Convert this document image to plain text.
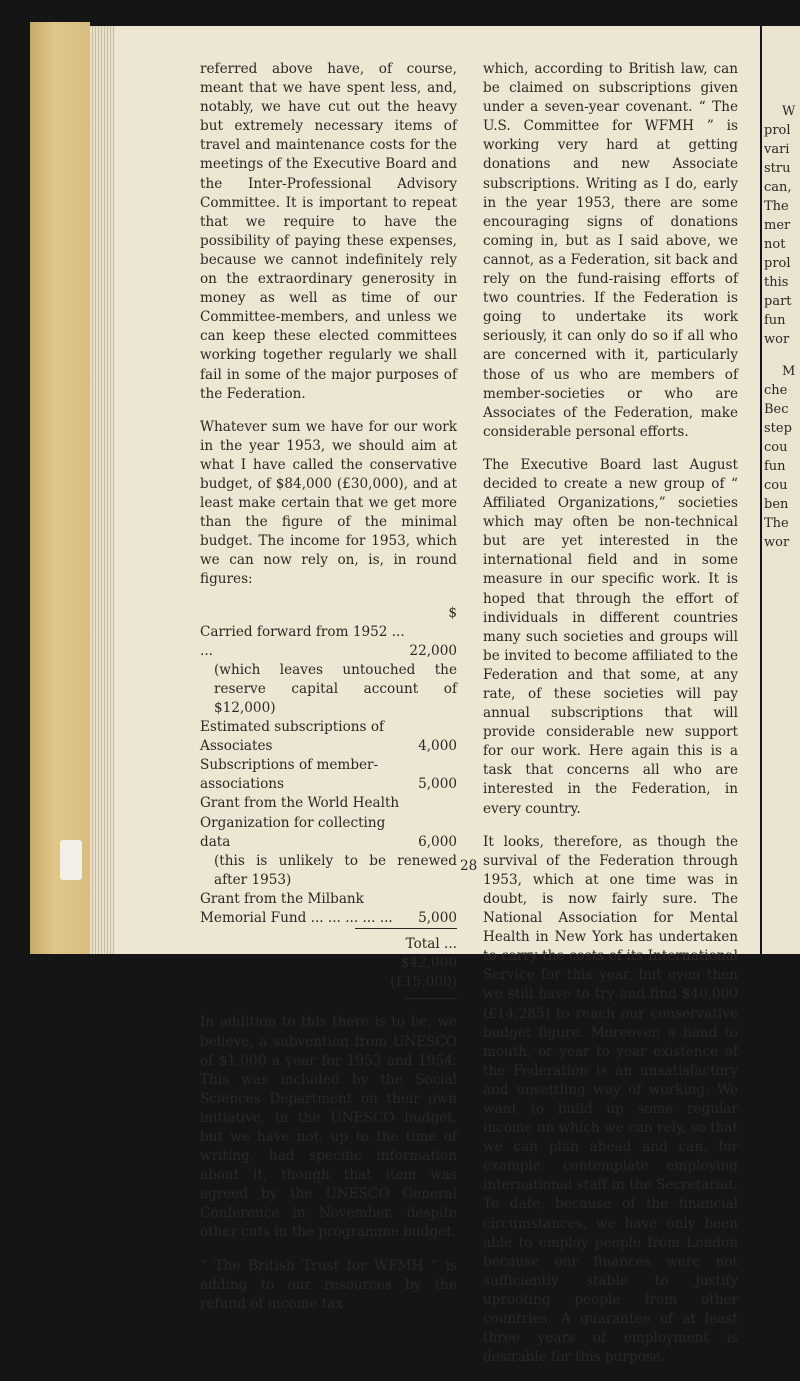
referred above have, of course, meant that we have spent less, and, notably, we have cut out the heavy but extremely necessary items of travel and maintenance costs for the meetings of the Executive Board and the Inter-Professional Advisory Committee. It is important to repeat that we require to have the possibility of paying these expenses, because we cannot indefinitely rely on the extraordinary generosity in money as well as time of our Committee-members, and unless we can keep these elected committees working together regularly we shall fail in some of the major purposes of the Federation.

Whatever sum we have for our work in the year 1953, we should aim at what I have called the conservative budget, of $84,000 (£30,000), and at least make certain that we get more than the figure of the minimal budget. The income for 1953, which we can now rely on, is, in round figures:

$
Carried forward from 1952 ... ...	22,000
(which leaves untouched the reserve capital account of $12,000)
Estimated subscriptions of Associates	4,000
Subscriptions of member-associations	5,000
Grant from the World Health Organization for collecting data	6,000
(this is unlikely to be renewed after 1953)
Grant from the Milbank Memorial Fund ... ... ... ... ...	5,000
Total ... $42,000
(£15,000)

In addition to this there is to be, we believe, a subvention from UNESCO of $1,000 a year for 1953 and 1954. This was included by the Social Sciences Department on their own initiative, in the UNESCO budget, but we have not, up to the time of writing, had specific information about it, though that item was agreed by the UNESCO General Conference in November, despite other cuts in the programme budget.

“ The British Trust for WFMH ” is adding to our resources by the refund of income tax

which, according to British law, can be claimed on subscriptions given under a seven-year covenant. “ The U.S. Committee for WFMH ” is working very hard at getting donations and new Associate subscriptions. Writing as I do, early in the year 1953, there are some encouraging signs of donations coming in, but as I said above, we cannot, as a Federation, sit back and rely on the fund-raising efforts of two countries. If the Federation is going to undertake its work seriously, it can only do so if all who are concerned with it, particularly those of us who are members of member-societies or who are Associates of the Federation, make considerable personal efforts.

The Executive Board last August decided to create a new group of “ Affiliated Organizations,” societies which may often be non-technical but are yet interested in the international field and in some measure in our specific work. It is hoped that through the effort of individuals in different countries many such societies and groups will be invited to become affiliated to the Federation and that some, at any rate, of these societies will pay annual subscriptions that will provide considerable new support for our work. Here again this is a task that concerns all who are interested in the Federation, in every country.

It looks, therefore, as though the survival of the Federation through 1953, which at one time was in doubt, is now fairly sure. The National Association for Mental Health in New York has undertaken to carry the costs of its International Service for this year, but even then we still have to try and find $40,000 (£14,285) to reach our conservative budget figure. Moreover, a hand to mouth, or year to year existence of the Federation is an unsatisfactory and unsettling way of working. We want to build up some regular income on which we can rely, so that we can plan ahead and can, for example, contemplate employing international staff in the Secretariat. To date, because of the financial circumstances, we have only been able to employ people from London because our finances were not sufficiently stable to justify uprooting people from other countries. A guarantee of at least three years of employment is desirable for this purpose.

28
W
prol
vari
stru
can,
The
mer
not
prol
this
part
fun
wor
M
che
Bec
step
cou
fun
cou
ben
The
wor
